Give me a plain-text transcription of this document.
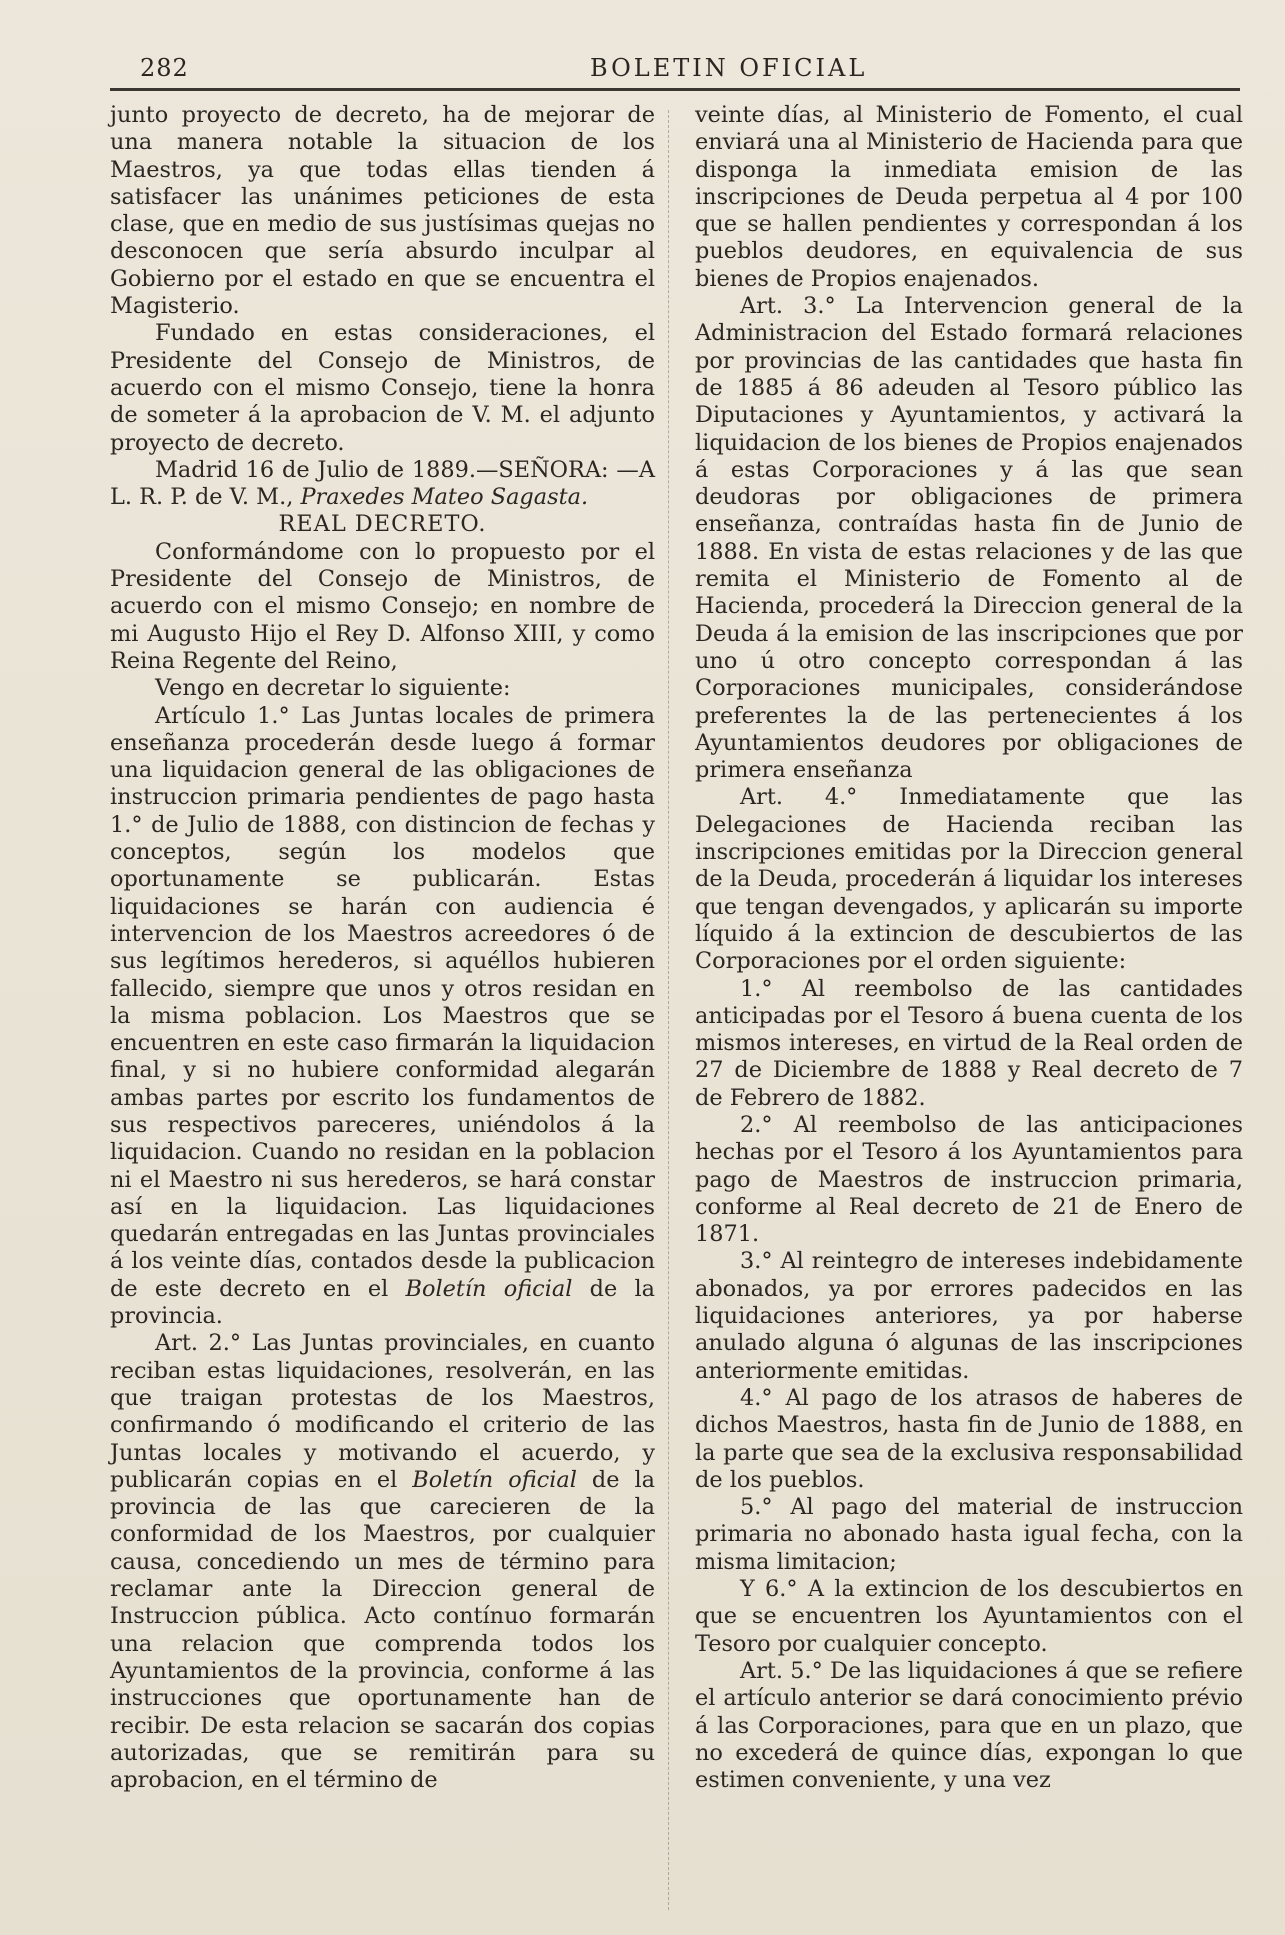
282	BOLETIN OFICIAL

junto proyecto de decreto, ha de mejorar de una manera notable la situacion de los Maestros, ya que todas ellas tienden á satisfacer las unánimes peticiones de esta clase, que en medio de sus justísimas quejas no desconocen que sería absurdo inculpar al Gobierno por el estado en que se encuentra el Magisterio.

Fundado en estas consideraciones, el Presidente del Consejo de Ministros, de acuerdo con el mismo Consejo, tiene la honra de someter á la aprobacion de V. M. el adjunto proyecto de decreto.

Madrid 16 de Julio de 1889.—SEÑORA: —A L. R. P. de V. M., Praxedes Mateo Sagasta.

REAL DECRETO.

Conformándome con lo propuesto por el Presidente del Consejo de Ministros, de acuerdo con el mismo Consejo; en nombre de mi Augusto Hijo el Rey D. Alfonso XIII, y como Reina Regente del Reino,

Vengo en decretar lo siguiente:

Artículo 1.° Las Juntas locales de primera enseñanza procederán desde luego á formar una liquidacion general de las obligaciones de instruccion primaria pendientes de pago hasta 1.° de Julio de 1888, con distincion de fechas y conceptos, según los modelos que oportunamente se publicarán. Estas liquidaciones se harán con audiencia é intervencion de los Maestros acreedores ó de sus legítimos herederos, si aquéllos hubieren fallecido, siempre que unos y otros residan en la misma poblacion. Los Maestros que se encuentren en este caso firmarán la liquidacion final, y si no hubiere conformidad alegarán ambas partes por escrito los fundamentos de sus respectivos pareceres, uniéndolos á la liquidacion. Cuando no residan en la poblacion ni el Maestro ni sus herederos, se hará constar así en la liquidacion. Las liquidaciones quedarán entregadas en las Juntas provinciales á los veinte días, contados desde la publicacion de este decreto en el Boletín oficial de la provincia.

Art. 2.° Las Juntas provinciales, en cuanto reciban estas liquidaciones, resolverán, en las que traigan protestas de los Maestros, confirmando ó modificando el criterio de las Juntas locales y motivando el acuerdo, y publicarán copias en el Boletín oficial de la provincia de las que carecieren de la conformidad de los Maestros, por cualquier causa, concediendo un mes de término para reclamar ante la Direccion general de Instruccion pública. Acto contínuo formarán una relacion que comprenda todos los Ayuntamientos de la provincia, conforme á las instrucciones que oportunamente han de recibir. De esta relacion se sacarán dos copias autorizadas, que se remitirán para su aprobacion, en el término de

veinte días, al Ministerio de Fomento, el cual enviará una al Ministerio de Hacienda para que disponga la inmediata emision de las inscripciones de Deuda perpetua al 4 por 100 que se hallen pendientes y correspondan á los pueblos deudores, en equivalencia de sus bienes de Propios enajenados.

Art. 3.° La Intervencion general de la Administracion del Estado formará relaciones por provincias de las cantidades que hasta fin de 1885 á 86 adeuden al Tesoro público las Diputaciones y Ayuntamientos, y activará la liquidacion de los bienes de Propios enajenados á estas Corporaciones y á las que sean deudoras por obligaciones de primera enseñanza, contraídas hasta fin de Junio de 1888. En vista de estas relaciones y de las que remita el Ministerio de Fomento al de Hacienda, procederá la Direccion general de la Deuda á la emision de las inscripciones que por uno ú otro concepto correspondan á las Corporaciones municipales, considerándose preferentes la de las pertenecientes á los Ayuntamientos deudores por obligaciones de primera enseñanza

Art. 4.° Inmediatamente que las Delegaciones de Hacienda reciban las inscripciones emitidas por la Direccion general de la Deuda, procederán á liquidar los intereses que tengan devengados, y aplicarán su importe líquido á la extincion de descubiertos de las Corporaciones por el orden siguiente:

1.° Al reembolso de las cantidades anticipadas por el Tesoro á buena cuenta de los mismos intereses, en virtud de la Real orden de 27 de Diciembre de 1888 y Real decreto de 7 de Febrero de 1882.

2.° Al reembolso de las anticipaciones hechas por el Tesoro á los Ayuntamientos para pago de Maestros de instruccion primaria, conforme al Real decreto de 21 de Enero de 1871.

3.° Al reintegro de intereses indebidamente abonados, ya por errores padecidos en las liquidaciones anteriores, ya por haberse anulado alguna ó algunas de las inscripciones anteriormente emitidas.

4.° Al pago de los atrasos de haberes de dichos Maestros, hasta fin de Junio de 1888, en la parte que sea de la exclusiva responsabilidad de los pueblos.

5.° Al pago del material de instruccion primaria no abonado hasta igual fecha, con la misma limitacion;

Y 6.° A la extincion de los descubiertos en que se encuentren los Ayuntamientos con el Tesoro por cualquier concepto.

Art. 5.° De las liquidaciones á que se refiere el artículo anterior se dará conocimiento prévio á las Corporaciones, para que en un plazo, que no excederá de quince días, expongan lo que estimen conveniente, y una vez
